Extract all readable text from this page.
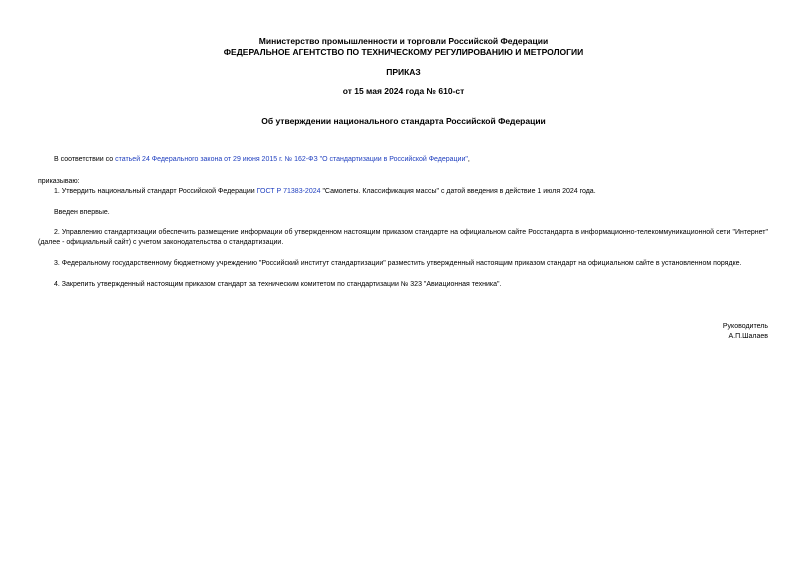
Министерство промышленности и торговли Российской Федерации
ФЕДЕРАЛЬНОЕ АГЕНТСТВО ПО ТЕХНИЧЕСКОМУ РЕГУЛИРОВАНИЮ И МЕТРОЛОГИИ
ПРИКАЗ
от 15 мая 2024 года № 610-ст
Об утверждении национального стандарта Российской Федерации
В соответствии со статьей 24 Федерального закона от 29 июня 2015 г. № 162-ФЗ "О стандартизации в Российской Федерации",
приказываю:
1. Утвердить национальный стандарт Российской Федерации ГОСТ Р 71383-2024 "Самолеты. Классификация массы" с датой введения в действие 1 июля 2024 года.
Введен впервые.
2. Управлению стандартизации обеспечить размещение информации об утвержденном настоящим приказом стандарте на официальном сайте Росстандарта в информационно-телекоммуникационной сети "Интернет" (далее - официальный сайт) с учетом законодательства о стандартизации.
3. Федеральному государственному бюджетному учреждению "Российский институт стандартизации" разместить утвержденный настоящим приказом стандарт на официальном сайте в установленном порядке.
4. Закрепить утвержденный настоящим приказом стандарт за техническим комитетом по стандартизации № 323 "Авиационная техника".
Руководитель
А.П.Шалаев
